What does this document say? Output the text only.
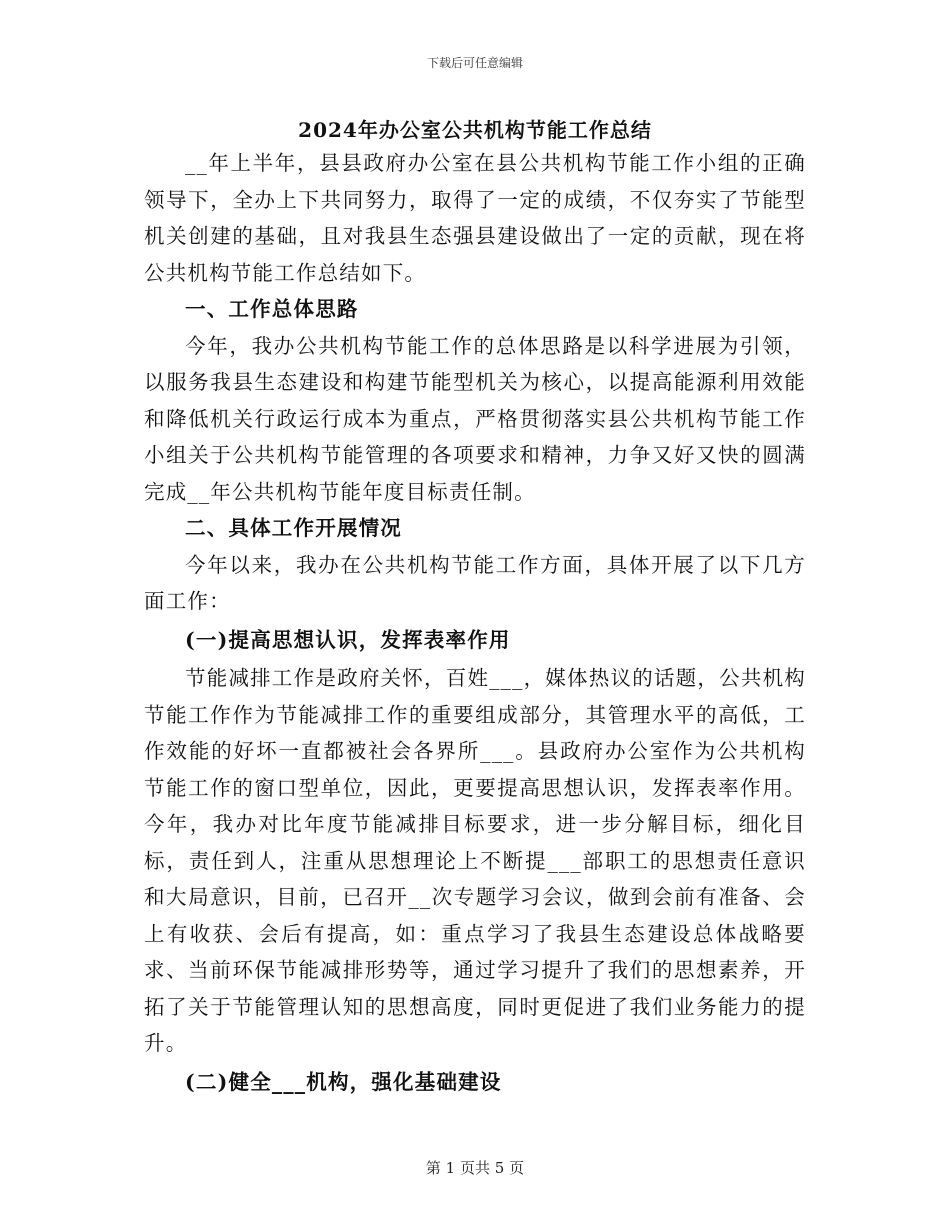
下载后可任意编辑
2024年办公室公共机构节能工作总结

__年上半年，县县政府办公室在县公共机构节能工作小组的正确领导下，全办上下共同努力，取得了一定的成绩，不仅夯实了节能型机关创建的基础，且对我县生态强县建设做出了一定的贡献，现在将公共机构节能工作总结如下。

一、工作总体思路

今年，我办公共机构节能工作的总体思路是以科学进展为引领，以服务我县生态建设和构建节能型机关为核心，以提高能源利用效能和降低机关行政运行成本为重点，严格贯彻落实县公共机构节能工作小组关于公共机构节能管理的各项要求和精神，力争又好又快的圆满完成__年公共机构节能年度目标责任制。

二、具体工作开展情况

今年以来，我办在公共机构节能工作方面，具体开展了以下几方面工作：

(一)提高思想认识，发挥表率作用

节能减排工作是政府关怀，百姓___，媒体热议的话题，公共机构节能工作作为节能减排工作的重要组成部分，其管理水平的高低，工作效能的好坏一直都被社会各界所___。县政府办公室作为公共机构节能工作的窗口型单位，因此，更要提高思想认识，发挥表率作用。今年，我办对比年度节能减排目标要求，进一步分解目标，细化目标，责任到人，注重从思想理论上不断提___部职工的思想责任意识和大局意识，目前，已召开__次专题学习会议，做到会前有准备、会上有收获、会后有提高，如：重点学习了我县生态建设总体战略要求、当前环保节能减排形势等，通过学习提升了我们的思想素养，开拓了关于节能管理认知的思想高度，同时更促进了我们业务能力的提升。

(二)健全___机构，强化基础建设

第 1 页共 5 页
